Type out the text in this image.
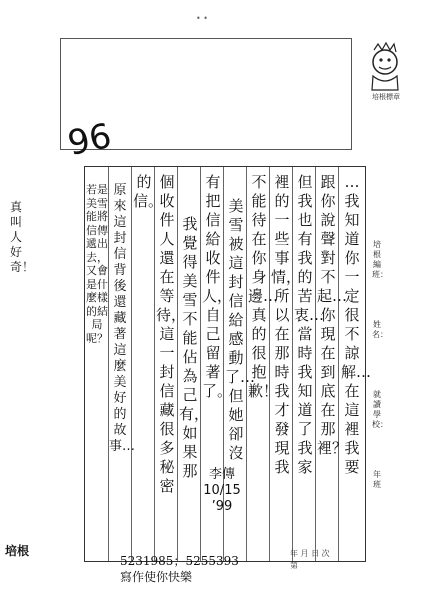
• •
96
培根標章
…我知道你一定很不諒解…在這裡我要
跟你說聲對不起…你現在到底在那裡？
但我也有我的苦衷…當時我知道了我家
裡的一些事情，所以在那時我才發現我
不能待在你身邊…真的很抱歉！
美雪被這封信給感動了…但她卻沒
有把信給收件人，自己留著了。
我覺得美雪不能佔為己有，如果那
個收件人還在等待，這一封信藏很多秘密
的信。
原來這封信背後還藏著這麼美好的故事…
若是美雪能將信傳遞出去，又會是什麼樣的結局呢？
李傳 10/15 ’99
真叫人好奇！
培根編班：
姓名：
就讀學校：
年 班
年 月 日 次
第
培根
5231985；5255393
寫作使你快樂
